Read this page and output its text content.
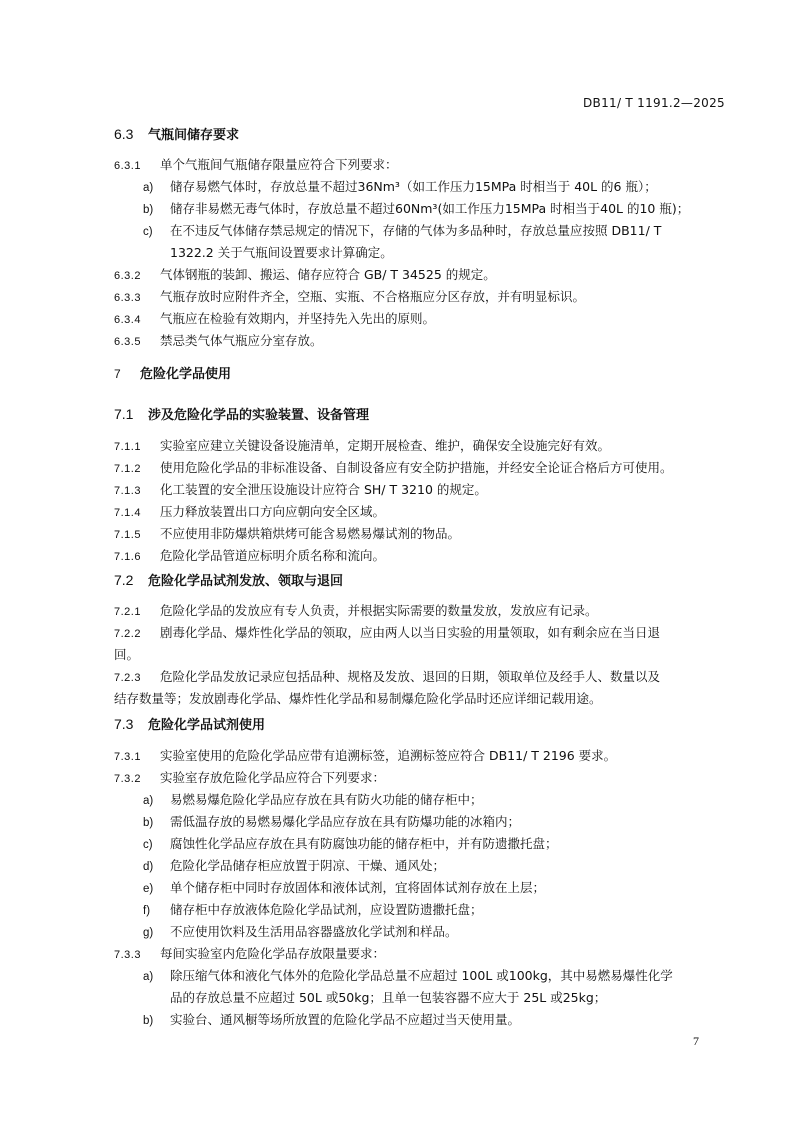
DB11/ T 1191.2—2025
6.3 气瓶间储存要求
6.3.1 单个气瓶间气瓶储存限量应符合下列要求：
a) 储存易燃气体时，存放总量不超过36Nm³（如工作压力15MPa 时相当于 40L 的6 瓶）；
b) 储存非易燃无毒气体时，存放总量不超过60Nm³(如工作压力15MPa 时相当于40L 的10 瓶)；
c) 在不违反气体储存禁忌规定的情况下，存储的气体为多品种时，存放总量应按照 DB11/ T
1322.2 关于气瓶间设置要求计算确定。
6.3.2 气体钢瓶的装卸、搬运、储存应符合 GB/ T 34525 的规定。
6.3.3 气瓶存放时应附件齐全，空瓶、实瓶、不合格瓶应分区存放，并有明显标识。
6.3.4 气瓶应在检验有效期内，并坚持先入先出的原则。
6.3.5 禁忌类气体气瓶应分室存放。
7 危险化学品使用
7.1 涉及危险化学品的实验装置、设备管理
7.1.1 实验室应建立关键设备设施清单，定期开展检查、维护，确保安全设施完好有效。
7.1.2 使用危险化学品的非标准设备、自制设备应有安全防护措施，并经安全论证合格后方可使用。
7.1.3 化工装置的安全泄压设施设计应符合 SH/ T 3210 的规定。
7.1.4 压力释放装置出口方向应朝向安全区域。
7.1.5 不应使用非防爆烘箱烘烤可能含易燃易爆试剂的物品。
7.1.6 危险化学品管道应标明介质名称和流向。
7.2 危险化学品试剂发放、领取与退回
7.2.1 危险化学品的发放应有专人负责，并根据实际需要的数量发放，发放应有记录。
7.2.2 剧毒化学品、爆炸性化学品的领取，应由两人以当日实验的用量领取，如有剩余应在当日退
回。
7.2.3 危险化学品发放记录应包括品种、规格及发放、退回的日期，领取单位及经手人、数量以及
结存数量等；发放剧毒化学品、爆炸性化学品和易制爆危险化学品时还应详细记载用途。
7.3 危险化学品试剂使用
7.3.1 实验室使用的危险化学品应带有追溯标签，追溯标签应符合 DB11/ T 2196 要求。
7.3.2 实验室存放危险化学品应符合下列要求：
a) 易燃易爆危险化学品应存放在具有防火功能的储存柜中；
b) 需低温存放的易燃易爆化学品应存放在具有防爆功能的冰箱内；
c) 腐蚀性化学品应存放在具有防腐蚀功能的储存柜中，并有防遗撒托盘；
d) 危险化学品储存柜应放置于阴凉、干燥、通风处；
e) 单个储存柜中同时存放固体和液体试剂，宜将固体试剂存放在上层；
f) 储存柜中存放液体危险化学品试剂，应设置防遗撒托盘；
g) 不应使用饮料及生活用品容器盛放化学试剂和样品。
7.3.3 每间实验室内危险化学品存放限量要求：
a) 除压缩气体和液化气体外的危险化学品总量不应超过 100L 或100kg，其中易燃易爆性化学
品的存放总量不应超过 50L 或50kg；且单一包装容器不应大于 25L 或25kg；
b) 实验台、通风橱等场所放置的危险化学品不应超过当天使用量。
7
